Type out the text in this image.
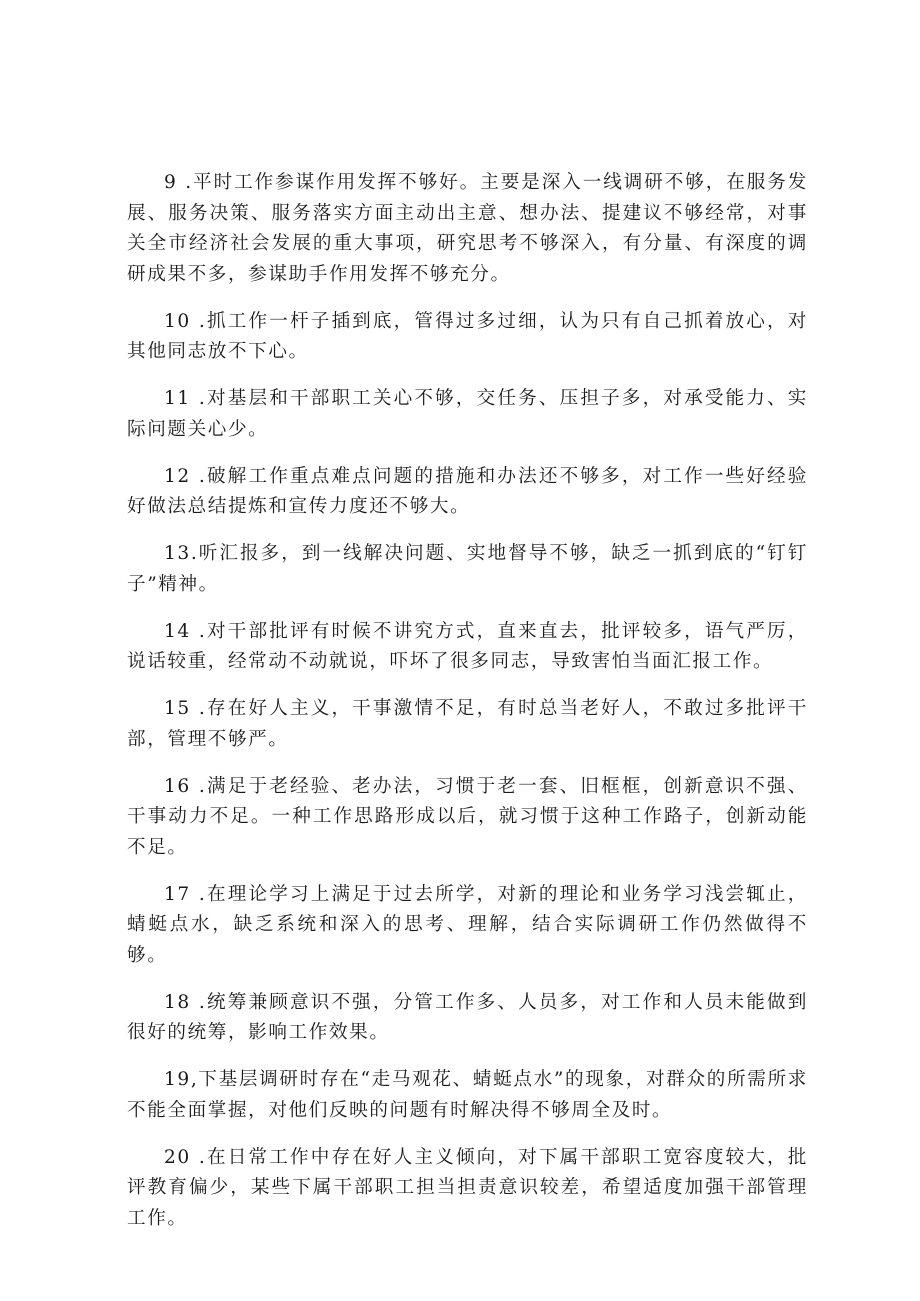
9 .平时工作参谋作用发挥不够好。主要是深入一线调研不够，在服务发展、服务决策、服务落实方面主动出主意、想办法、提建议不够经常，对事关全市经济社会发展的重大事项，研究思考不够深入，有分量、有深度的调研成果不多，参谋助手作用发挥不够充分。

10 .抓工作一杆子插到底，管得过多过细，认为只有自己抓着放心，对其他同志放不下心。

11 .对基层和干部职工关心不够，交任务、压担子多，对承受能力、实际问题关心少。

12 .破解工作重点难点问题的措施和办法还不够多，对工作一些好经验好做法总结提炼和宣传力度还不够大。

13.听汇报多，到一线解决问题、实地督导不够，缺乏一抓到底的“钉钉子”精神。

14 .对干部批评有时候不讲究方式，直来直去，批评较多，语气严厉，说话较重，经常动不动就说，吓坏了很多同志，导致害怕当面汇报工作。

15 .存在好人主义，干事激情不足，有时总当老好人，不敢过多批评干部，管理不够严。

16 .满足于老经验、老办法，习惯于老一套、旧框框，创新意识不强、干事动力不足。一种工作思路形成以后，就习惯于这种工作路子，创新动能不足。

17 .在理论学习上满足于过去所学，对新的理论和业务学习浅尝辄止，蜻蜓点水，缺乏系统和深入的思考、理解，结合实际调研工作仍然做得不够。

18 .统筹兼顾意识不强，分管工作多、人员多，对工作和人员未能做到很好的统筹，影响工作效果。

19,下基层调研时存在“走马观花、蜻蜓点水”的现象，对群众的所需所求不能全面掌握，对他们反映的问题有时解决得不够周全及时。

20 .在日常工作中存在好人主义倾向，对下属干部职工宽容度较大，批评教育偏少，某些下属干部职工担当担责意识较差，希望适度加强干部管理工作。
